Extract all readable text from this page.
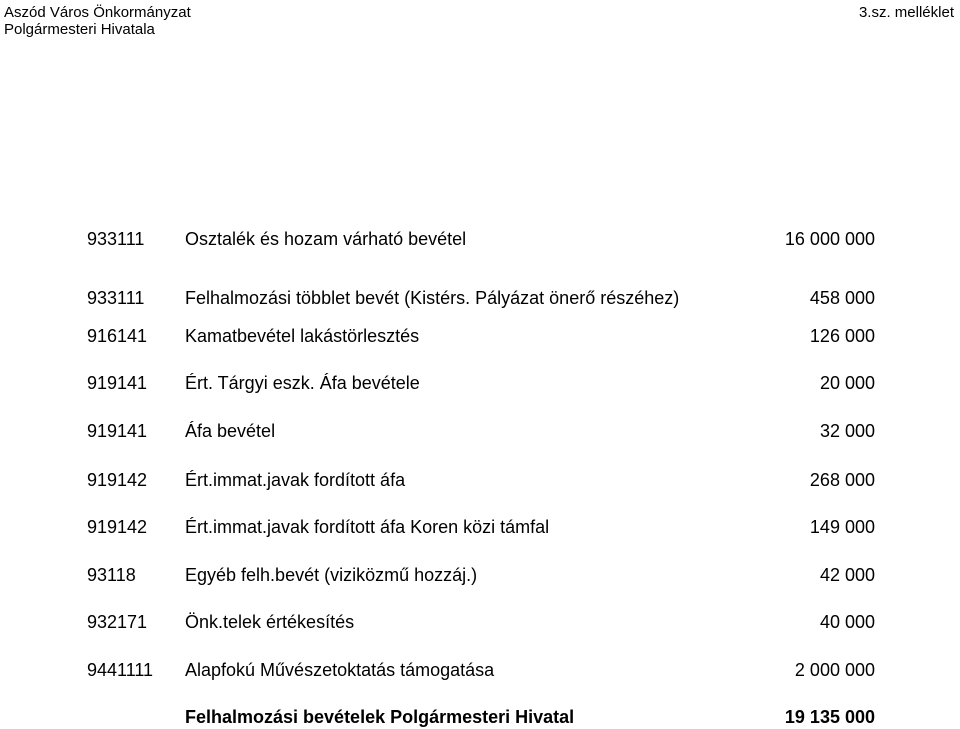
Aszód Város Önkormányzat
Polgármesteri Hivatala
3.sz. melléklet
933111 Osztalék és hozam várható bevétel	16 000 000
933111 Felhalmozási többlet bevét (Kistérs. Pályázat önerő részéhez)	458 000
916141 Kamatbevétel lakástörlesztés	126 000
919141 Ért. Tárgyi eszk. Áfa bevétele	20 000
919141 Áfa bevétel	32 000
919142 Ért.immat.javak fordított áfa	268 000
919142 Ért.immat.javak fordított áfa Koren közi támfal	149 000
93118	Egyéb felh.bevét (viziközmű hozzáj.)	42 000
932171 Önk.telek értékesítés	40 000
9441111 Alapfokú Művészetoktatás támogatása	2 000 000
Felhalmozási bevételek Polgármesteri Hivatal	19 135 000
